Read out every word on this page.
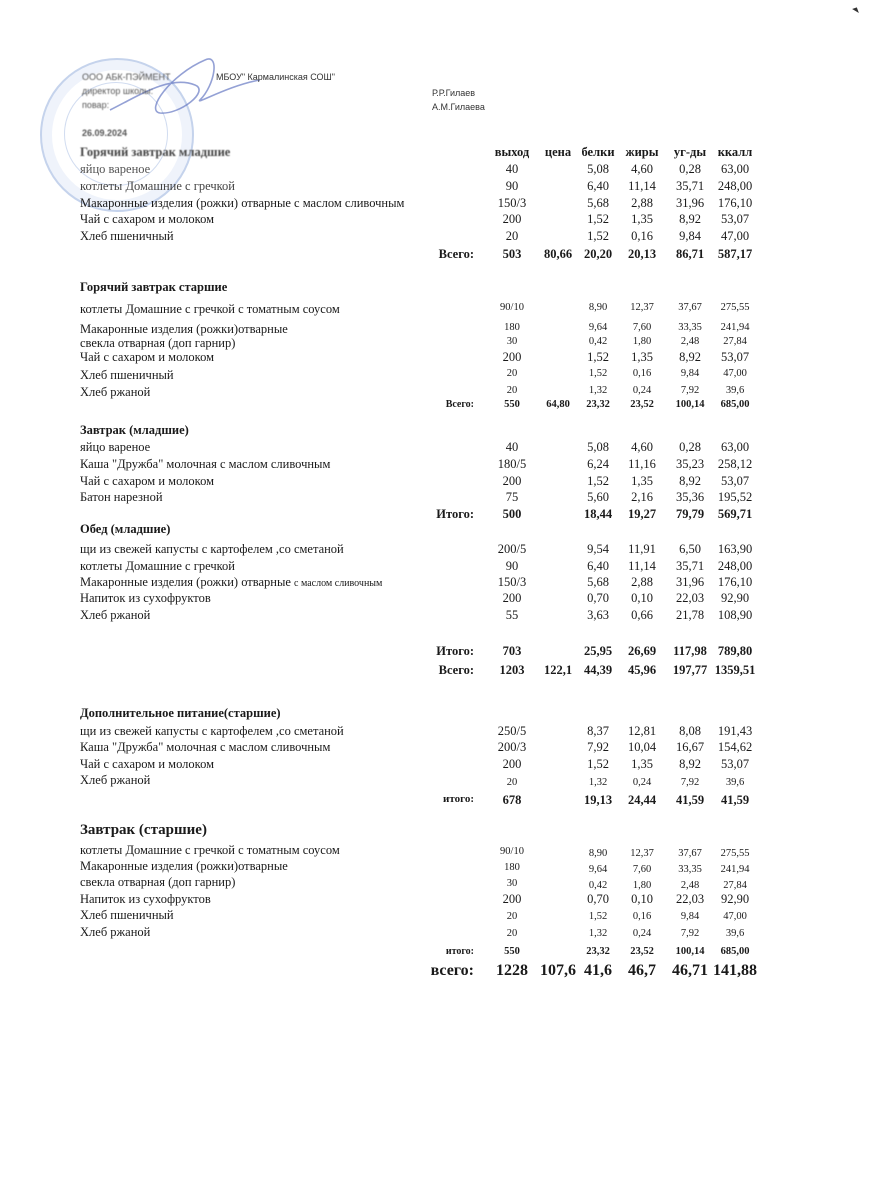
ООО АБК-ПЭЙМЕНТ	МБОУ" Кармалинская СОШ"
директор школы:
повар:
Р.Р.Гилаев
А.М.Гилаева
26.09.2024
Горячий завтрак младшие	выход	цена белки жиры	уг-ды ккалл
яйцо вареное	40	5,08	4,60	0,28	63,00
котлеты Домашние с гречкой	90	6,40	11,14	35,71	248,00
Макаронные изделия (рожки) отварные с маслом сливочным	150/3	5,68	2,88	31,96	176,10
Чай с сахаром и молоком	200	1,52	1,35	8,92	53,07
Хлеб пшеничный	20	1,52	0,16	9,84	47,00
Всего:	503	80,66 20,20	20,13	86,71	587,17
Горячий завтрак старшие
котлеты Домашние с гречкой с томатным соусом	90/10	8,90	12,37	37,67	275,55
Макаронные изделия (рожки)отварные	180	9,64	7,60	33,35	241,94
свекла отварная (доп гарнир)	30	0,42	1,80	2,48	27,84
Чай с сахаром и молоком	200	1,52	1,35	8,92	53,07
Хлеб пшеничный	20	1,52	0,16	9,84	47,00
Хлеб ржаной	20	1,32	0,24	7,92	39,6
Всего:	550	64,80	23,32	23,52	100,14	685,00
Завтрак (младшие)
яйцо вареное	40	5,08	4,60	0,28	63,00
Каша "Дружба" молочная с маслом сливочным	180/5	6,24	11,16	35,23	258,12
Чай с сахаром и молоком	200	1,52	1,35	8,92	53,07
Батон нарезной	75	5,60	2,16	35,36	195,52
Итого:	500	18,44	19,27	79,79	569,71
Обед (младшие)
щи из свежей капусты с картофелем ,со сметаной	200/5	9,54	11,91	6,50	163,90
котлеты Домашние с гречкой	90	6,40	11,14	35,71	248,00
Макаронные изделия (рожки) отварные с маслом сливочным	150/3	5,68	2,88	31,96	176,10
Напиток из сухофруктов	200	0,70	0,10	22,03	92,90
Хлеб ржаной	55	3,63	0,66	21,78	108,90
Итого:	703	25,95	26,69	117,98 789,80
Всего:	1203	122,1 44,39	45,96	197,77 1359,51
Дополнительное питание(старшие)
щи из свежей капусты с картофелем ,со сметаной	250/5	8,37	12,81	8,08	191,43
Каша "Дружба" молочная с маслом сливочным	200/3	7,92	10,04	16,67	154,62
Чай с сахаром и молоком	200	1,52	1,35	8,92	53,07
Хлеб ржаной	20	1,32	0,24	7,92	39,6
итого:	678	19,13	24,44	41,59	41,59
Завтрак (старшие)
котлеты Домашние с гречкой с томатным соусом	90/10	8,90	12,37	37,67	275,55
Макаронные изделия (рожки)отварные	180	9,64	7,60	33,35	241,94
свекла отварная (доп гарнир)	30	0,42	1,80	2,48	27,84
Напиток из сухофруктов	200	0,70	0,10	22,03	92,90
Хлеб пшеничный	20	1,52	0,16	9,84	47,00
Хлеб ржаной	20	1,32	0,24	7,92	39,6
итого:	550	23,32	23,52	100,14	685,00
всего:	1228 107,6 41,6	46,7	46,71 141,88
